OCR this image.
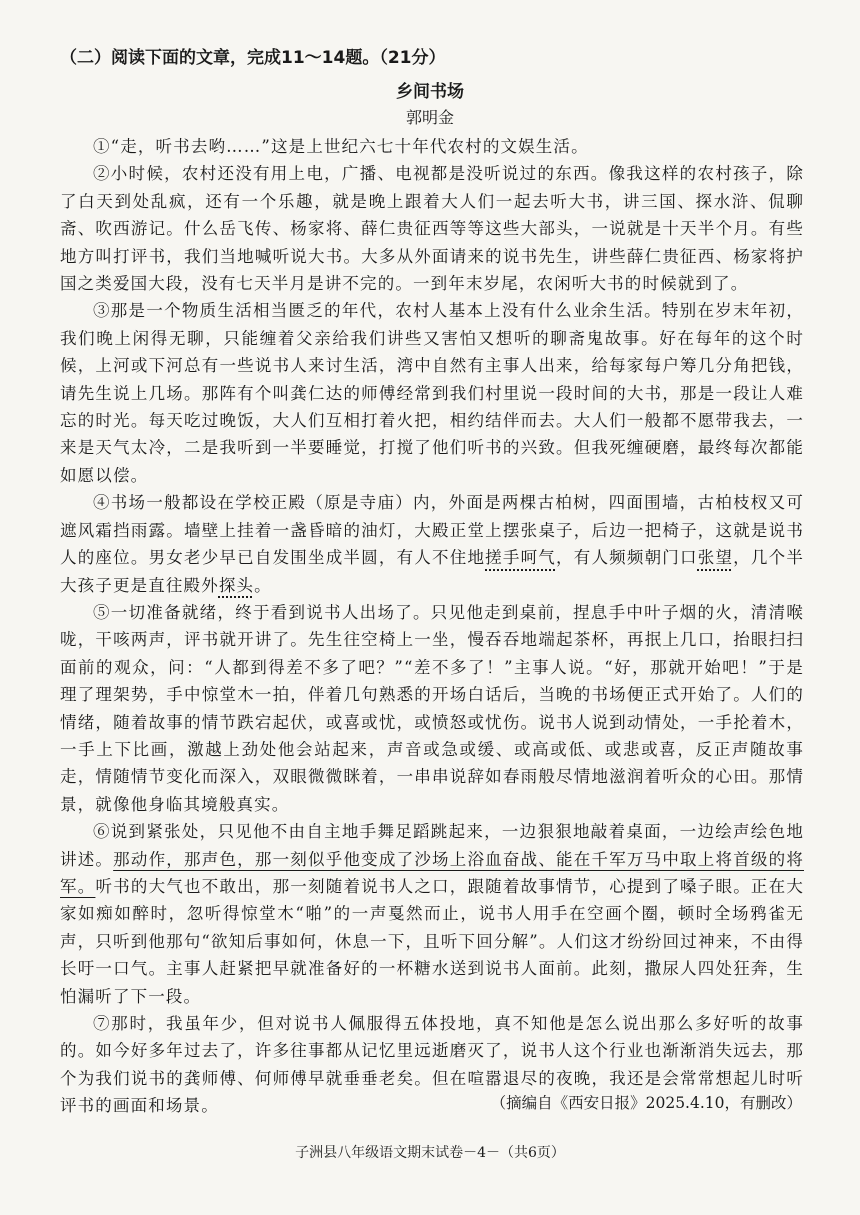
（二）阅读下面的文章，完成11～14题。（21分）
乡间书场
郭明金

①“走，听书去哟……”这是上世纪六七十年代农村的文娱生活。

②小时候，农村还没有用上电，广播、电视都是没听说过的东西。像我这样的农村孩子，除了白天到处乱疯，还有一个乐趣，就是晚上跟着大人们一起去听大书，讲三国、探水浒、侃聊斋、吹西游记。什么岳飞传、杨家将、薛仁贵征西等等这些大部头，一说就是十天半个月。有些地方叫打评书，我们当地喊听说大书。大多从外面请来的说书先生，讲些薛仁贵征西、杨家将护国之类爱国大段，没有七天半月是讲不完的。一到年末岁尾，农闲听大书的时候就到了。

③那是一个物质生活相当匮乏的年代，农村人基本上没有什么业余生活。特别在岁末年初，我们晚上闲得无聊，只能缠着父亲给我们讲些又害怕又想听的聊斋鬼故事。好在每年的这个时候，上河或下河总有一些说书人来讨生活，湾中自然有主事人出来，给每家每户筹几分角把钱，请先生说上几场。那阵有个叫龚仁达的师傅经常到我们村里说一段时间的大书，那是一段让人难忘的时光。每天吃过晚饭，大人们互相打着火把，相约结伴而去。大人们一般都不愿带我去，一来是天气太冷，二是我听到一半要睡觉，打搅了他们听书的兴致。但我死缠硬磨，最终每次都能如愿以偿。

④书场一般都设在学校正殿（原是寺庙）内，外面是两棵古柏树，四面围墙，古柏枝杈又可遮风霜挡雨露。墙壁上挂着一盏昏暗的油灯，大殿正堂上摆张桌子，后边一把椅子，这就是说书人的座位。男女老少早已自发围坐成半圆，有人不住地搓手呵气，有人频频朝门口张望，几个半大孩子更是直往殿外探头。

⑤一切准备就绪，终于看到说书人出场了。只见他走到桌前，捏息手中叶子烟的火，清清喉咙，干咳两声，评书就开讲了。先生往空椅上一坐，慢吞吞地端起茶杯，再抿上几口，抬眼扫扫面前的观众，问：“人都到得差不多了吧？”“差不多了！”主事人说。“好，那就开始吧！”于是理了理架势，手中惊堂木一拍，伴着几句熟悉的开场白话后，当晚的书场便正式开始了。人们的情绪，随着故事的情节跌宕起伏，或喜或忧，或愤怒或忧伤。说书人说到动情处，一手抡着木，一手上下比画，激越上劲处他会站起来，声音或急或缓、或高或低、或悲或喜，反正声随故事走，情随情节变化而深入，双眼微微眯着，一串串说辞如春雨般尽情地滋润着听众的心田。那情景，就像他身临其境般真实。

⑥说到紧张处，只见他不由自主地手舞足蹈跳起来，一边狠狠地敲着桌面，一边绘声绘色地讲述。那动作，那声色，那一刻似乎他变成了沙场上浴血奋战、能在千军万马中取上将首级的将军。听书的大气也不敢出，那一刻随着说书人之口，跟随着故事情节，心提到了嗓子眼。正在大家如痴如醉时，忽听得惊堂木“啪”的一声戛然而止，说书人用手在空画个圈，顿时全场鸦雀无声，只听到他那句“欲知后事如何，休息一下，且听下回分解”。人们这才纷纷回过神来，不由得长吁一口气。主事人赶紧把早就准备好的一杯糖水送到说书人面前。此刻，撒尿人四处狂奔，生怕漏听了下一段。

⑦那时，我虽年少，但对说书人佩服得五体投地，真不知他是怎么说出那么多好听的故事的。如今好多年过去了，许多往事都从记忆里远逝磨灭了，说书人这个行业也渐渐消失远去，那个为我们说书的龚师傅、何师傅早就垂垂老矣。但在喧嚣退尽的夜晚，我还是会常常想起儿时听评书的画面和场景。	（摘编自《西安日报》2025.4.10，有删改）
子洲县八年级语文期末试卷－4－（共6页）
